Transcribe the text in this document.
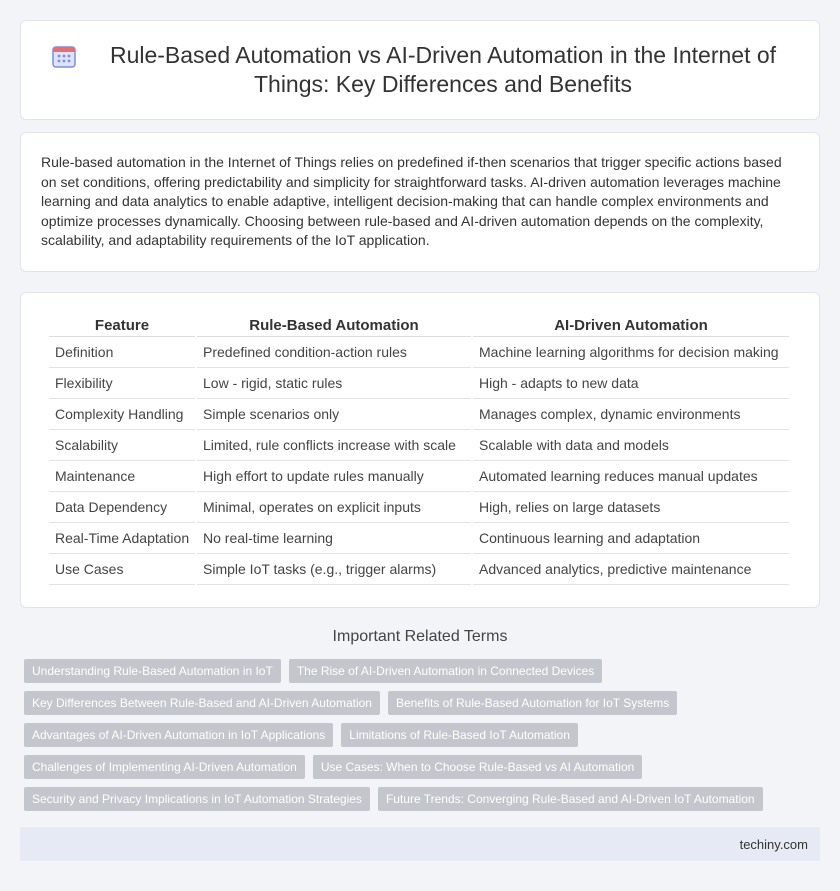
Rule-Based Automation vs AI-Driven Automation in the Internet of Things: Key Differences and Benefits

Rule-based automation in the Internet of Things relies on predefined if-then scenarios that trigger specific actions based on set conditions, offering predictability and simplicity for straightforward tasks. AI-driven automation leverages machine learning and data analytics to enable adaptive, intelligent decision-making that can handle complex environments and optimize processes dynamically. Choosing between rule-based and AI-driven automation depends on the complexity, scalability, and adaptability requirements of the IoT application.

Feature	Rule-Based Automation	AI-Driven Automation
Definition	Predefined condition-action rules	Machine learning algorithms for decision making
Flexibility	Low - rigid, static rules	High - adapts to new data
Complexity Handling	Simple scenarios only	Manages complex, dynamic environments
Scalability	Limited, rule conflicts increase with scale	Scalable with data and models
Maintenance	High effort to update rules manually	Automated learning reduces manual updates
Data Dependency	Minimal, operates on explicit inputs	High, relies on large datasets
Real-Time Adaptation	No real-time learning	Continuous learning and adaptation
Use Cases	Simple IoT tasks (e.g., trigger alarms)	Advanced analytics, predictive maintenance
Important Related Terms
Understanding Rule-Based Automation in IoT	The Rise of AI-Driven Automation in Connected Devices
Key Differences Between Rule-Based and AI-Driven Automation	Benefits of Rule-Based Automation for IoT Systems
Advantages of AI-Driven Automation in IoT Applications	Limitations of Rule-Based IoT Automation
Challenges of Implementing AI-Driven Automation	Use Cases: When to Choose Rule-Based vs AI Automation
Security and Privacy Implications in IoT Automation Strategies	Future Trends: Converging Rule-Based and AI-Driven IoT Automation
techiny.com
